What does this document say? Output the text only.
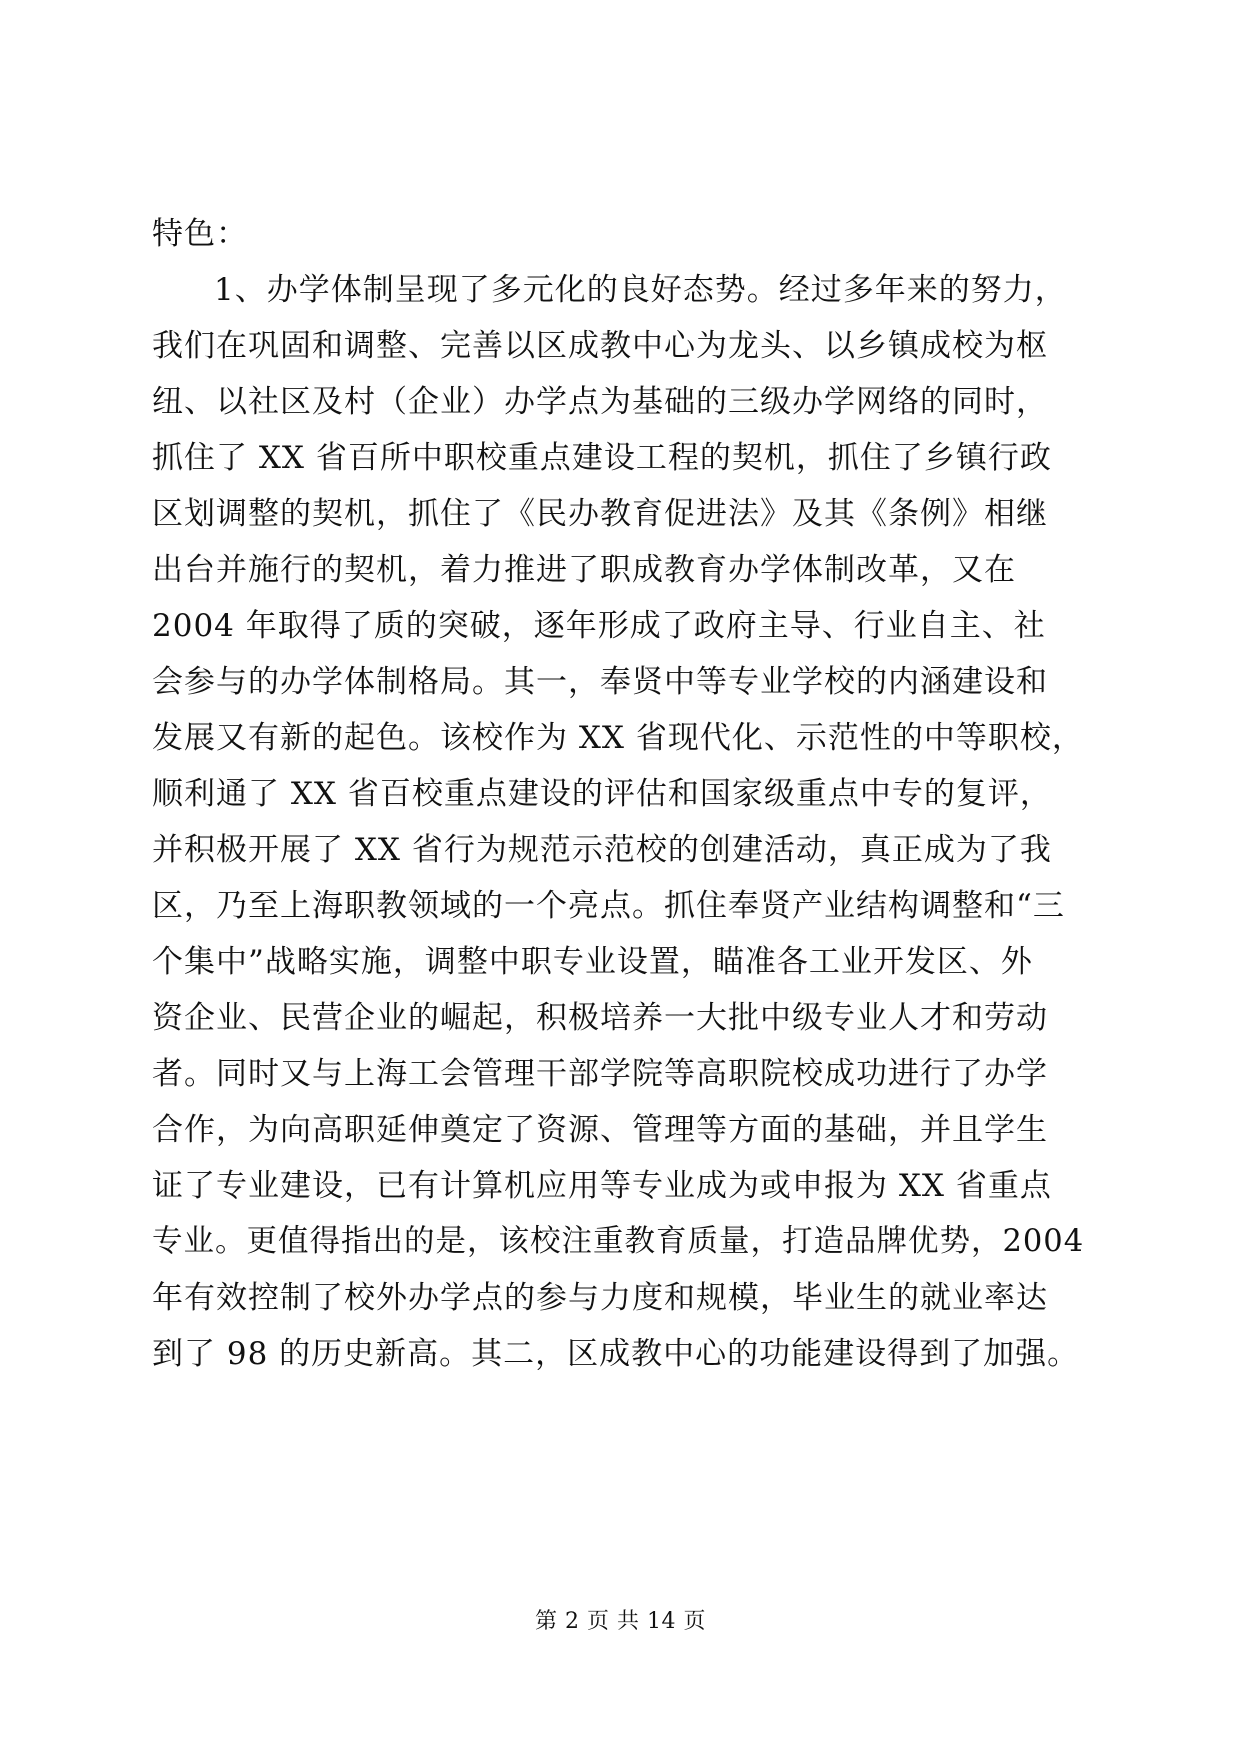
特色：
1、办学体制呈现了多元化的良好态势。经过多年来的努力，
我们在巩固和调整、完善以区成教中心为龙头、以乡镇成校为枢
纽、以社区及村（企业）办学点为基础的三级办学网络的同时，
抓住了 XX 省百所中职校重点建设工程的契机，抓住了乡镇行政
区划调整的契机，抓住了《民办教育促进法》及其《条例》相继
出台并施行的契机，着力推进了职成教育办学体制改革，又在
2004 年取得了质的突破，逐年形成了政府主导、行业自主、社
会参与的办学体制格局。其一，奉贤中等专业学校的内涵建设和
发展又有新的起色。该校作为 XX 省现代化、示范性的中等职校，
顺利通了 XX 省百校重点建设的评估和国家级重点中专的复评，
并积极开展了 XX 省行为规范示范校的创建活动，真正成为了我
区，乃至上海职教领域的一个亮点。抓住奉贤产业结构调整和“三
个集中”战略实施，调整中职专业设置，瞄准各工业开发区、外
资企业、民营企业的崛起，积极培养一大批中级专业人才和劳动
者。同时又与上海工会管理干部学院等高职院校成功进行了办学
合作，为向高职延伸奠定了资源、管理等方面的基础，并且学生
证了专业建设，已有计算机应用等专业成为或申报为 XX 省重点
专业。更值得指出的是，该校注重教育质量，打造品牌优势，2004
年有效控制了校外办学点的参与力度和规模，毕业生的就业率达
到了 98 的历史新高。其二，区成教中心的功能建设得到了加强。
第 2 页 共 14 页
